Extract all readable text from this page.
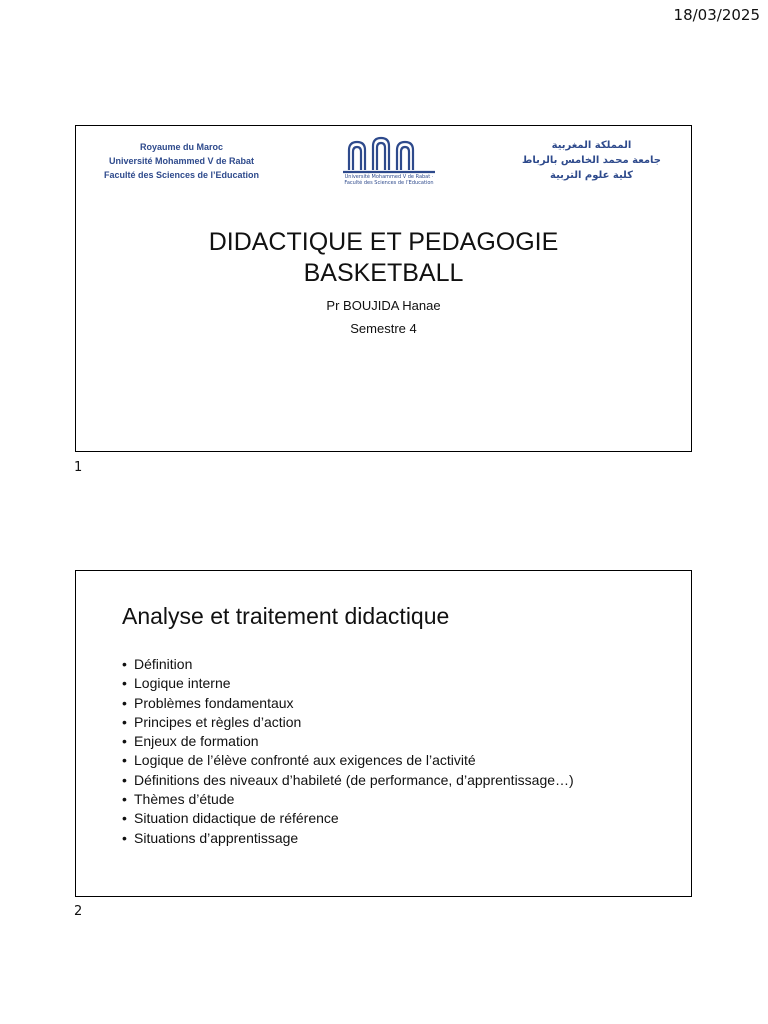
18/03/2025
Royaume du Maroc
Université Mohammed V de Rabat
Faculté des Sciences de l’Education	Université Mohammed V de Rabat · Faculté des Sciences de l’Education
المملكة المغربية
جامعة محمد الخامس بالرباط
كلية علوم التربية
DIDACTIQUE ET PEDAGOGIE
BASKETBALL
Pr BOUJIDA Hanae
Semestre 4
1
Analyse et traitement didactique
• Définition
• Logique interne
• Problèmes fondamentaux
• Principes et règles d’action
• Enjeux de formation
• Logique de l’élève confronté aux exigences de l’activité
• Définitions des niveaux d’habileté (de performance, d’apprentissage…)
• Thèmes d’étude
• Situation didactique de référence
• Situations d’apprentissage
2
